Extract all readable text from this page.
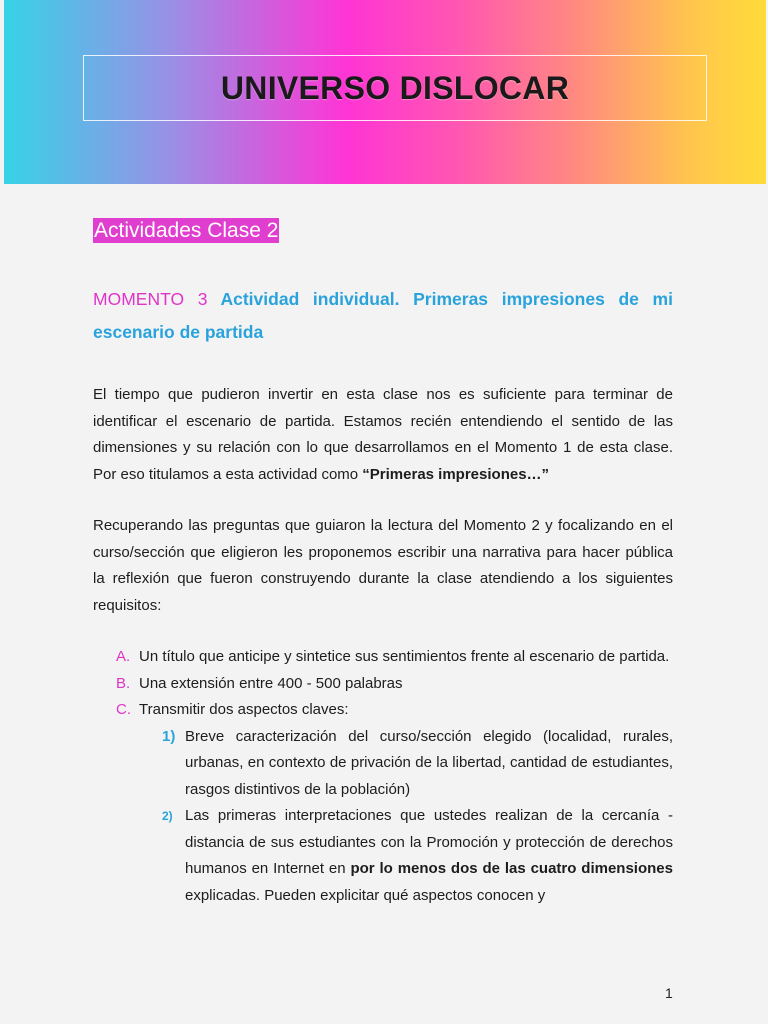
UNIVERSO DISLOCAR
Actividades Clase 2
MOMENTO 3 Actividad individual. Primeras impresiones de mi escenario de partida

El tiempo que pudieron invertir en esta clase nos es suficiente para terminar de identificar el escenario de partida. Estamos recién entendiendo el sentido de las dimensiones y su relación con lo que desarrollamos en el Momento 1 de esta clase. Por eso titulamos a esta actividad como “Primeras impresiones…”

Recuperando las preguntas que guiaron la lectura del Momento 2 y focalizando en el curso/sección que eligieron les proponemos escribir una narrativa para hacer pública la reflexión que fueron construyendo durante la clase atendiendo a los siguientes requisitos:

A. Un título que anticipe y sintetice sus sentimientos frente al escenario de partida.
B. Una extensión entre 400 - 500 palabras
C. Transmitir dos aspectos claves:
1) Breve caracterización del curso/sección elegido (localidad, rurales, urbanas, en contexto de privación de la libertad, cantidad de estudiantes, rasgos distintivos de la población)
2) Las primeras interpretaciones que ustedes realizan de la cercanía - distancia de sus estudiantes con la Promoción y protección de derechos humanos en Internet en por lo menos dos de las cuatro dimensiones explicadas. Pueden explicitar qué aspectos conocen y
1
